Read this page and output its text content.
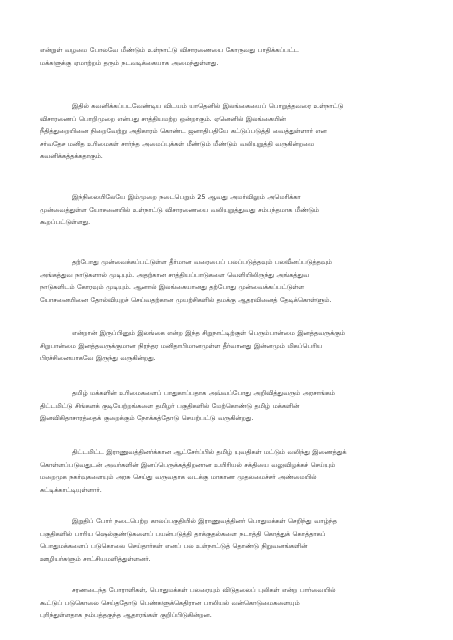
என்றுள் வழமை போலவே மீண்டும் உள்நாட்டு விசாரணையை கோருவது பாதிக்கப்பட்ட
மக்களுக்கு ஏமாற்றம் தரும் நடவடிக்கையாக அமைந்துள்ளது.
இதில் கவனிக்கப்படவேண்டிய விடயம் யாதெனில் இலங்கையைப் பொறுத்தவரை உள்நாட்டு
விசாரணைப் பொறிமுறை என்பது சாத்தியமற்ற ஒன்றாகும். ஏனெனில் இலங்கையின்
நீதித்துறையினை நிறைவேற்று அதிகாரம் கொண்ட ஜனாதிபதியே கட்டுப்படுத்தி வைத்துள்ளார் என
சர்வதேச மனித உரிமைகள் சார்ந்த அமைப்புக்கள் மீண்டும் மீண்டும் வலியுறுத்தி வருகின்றமை
கவனிக்கத்தக்கதாகும்.
இந்நிலையிலேயே இம்முறை நடைபெறும் 25 ஆவது அமர்விலும் அமெரிக்கா
முன்வைத்துள்ள யோசனையில் உள்நாட்டு விசாரணையை வலியுறுத்துவது சம்பந்தமாக மீண்டும்
கூறப்பட்டுள்ளது.
தற்போது முன்வைக்கப்பட்டுள்ள தீர்மான வரைபைப் பலப்படுத்தவும் பலவீனப்படுத்தவும்
அங்கத்துவ நாடுகளால் முடியும். அதற்கான சாத்தியப்பாடுகளை வெளியிலிருந்து அங்கத்துவ
நாடுகளிடம் கோரவும் முடியும். ஆனால் இலங்கையானது தற்போது முன்வைக்கப்பட்டுள்ள
யோசனையினை தோல்வியுறச் செய்வதற்கான முயற்சிகளில் தமக்கு ஆதரவினைத் தேடிக்கொள்ளும்.
என்றான் இருப்பினும் இலங்கை என்ற இந்த சிறுநாட்டிற்குள் பெரும்பான்மை இனத்தவருக்கும்
சிறுபான்மை இனத்தவருக்குமான நிரந்தர மனிதாபிமானமுள்ள தீர்வானது இன்னமும் மிகப்பெரிய
பிரச்சினையாகவே இருந்து வருகின்றது.
தமிழ் மக்களின் உரிமைகளைப் பாதுகாப்பதாக அவ்வப்போது அறிவித்துவரும் அரசாங்கம்
திட்டமிட்டு சிங்களக் குடியேற்றங்களை தமிழர் பகுதிகளில் மேற்கொண்டு தமிழ் மக்களின்
இனவிகிதாசாரத்தைக் குறைக்கும் நோக்கத்தோடு செயற்பட்டு வருகின்றது.
திட்டமிட்ட இராணுவத்தினர்க்கான ஆட்சேர்ப்பில் தமிழ் யுவதிகள் மட்டும் வலிந்து இணைத்துக்
கொள்ளப்படுவதுடன் அவர்களின் இனப்பெருக்கத்திறனான உயிரியல் சக்தியை வலுவிழக்கச் செய்யும்
மறைமுக நகர்வுகளையும் அரசு செய்து வருவதாக வடக்கு மாகாண முதலமைச்சர் அண்மையில்
சுட்டிக்காட்டியுள்ளார்.
இறுதிப் போர் நடைபெற்ற காலப்பகுதியில் இராணுவத்தினர் பொதுமக்கள் செறிந்து வாழ்ந்த
பகுதிகளில் பாரிய ஷெல்குண்டுகளைப் பயன்படுத்தி தாக்குதல்களை நடாத்தி கொத்துக் கொத்தாகப்
பொதுமக்களைப் படுகொலை செய்தார்கள் எனப் பல உள்நாட்டுத் தொண்டு நிறுவனங்களின்
ஊழியர்களும் சாட்சியமளித்துள்ளனர்.
சரணடைந்த போராளிகள், பொதுமக்கள் பலரையும் விடுதலைப் புலிகள் என்ற பார்வையில்
கூட்டுப் படுகொலை செய்ததோடு பெண்களுக்கெதிரான பாலியல் வன்கொடுமைகளையும்
புரிந்துள்ளதாக நம்பத்தகுந்த ஆதாரங்கள் குறிப்பிடுகின்றன.
